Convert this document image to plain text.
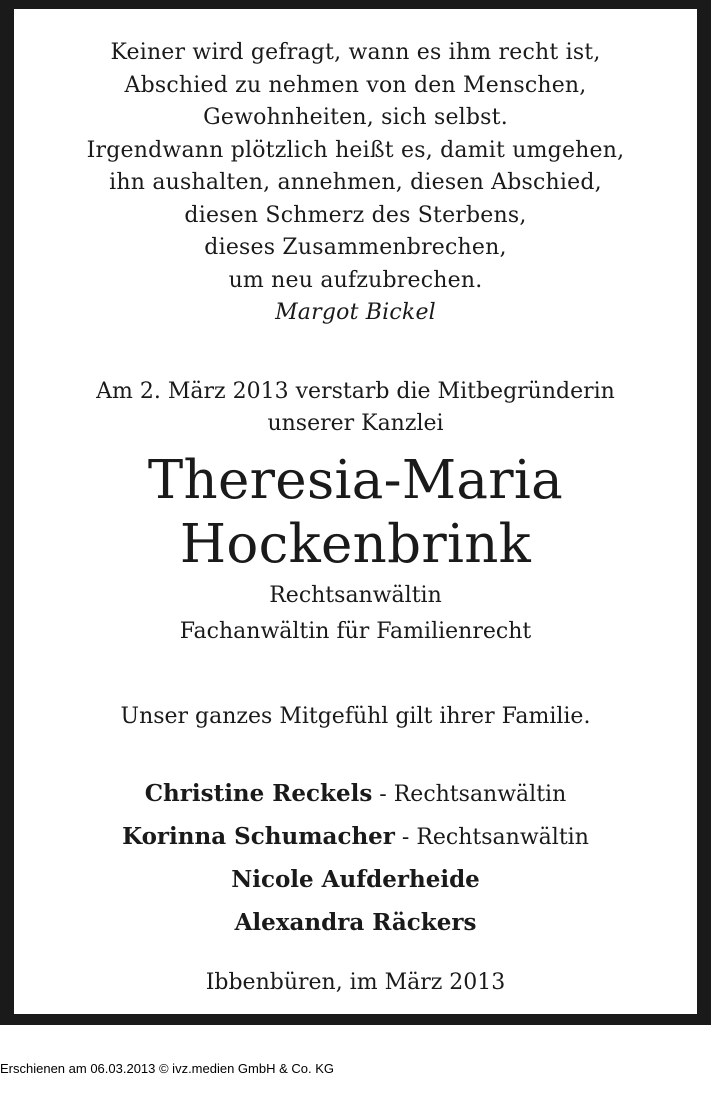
Keiner wird gefragt, wann es ihm recht ist,
Abschied zu nehmen von den Menschen,
Gewohnheiten, sich selbst.
Irgendwann plötzlich heißt es, damit umgehen,
ihn aushalten, annehmen, diesen Abschied,
diesen Schmerz des Sterbens,
dieses Zusammenbrechen,
um neu aufzubrechen.
Margot Bickel
Am 2. März 2013 verstarb die Mitbegründerin
unserer Kanzlei
Theresia-Maria
Hockenbrink
Rechtsanwältin
Fachanwältin für Familienrecht
Unser ganzes Mitgefühl gilt ihrer Familie.
Christine Reckels - Rechtsanwältin
Korinna Schumacher - Rechtsanwältin
Nicole Aufderheide
Alexandra Räckers
Ibbenbüren, im März 2013
Erschienen am 06.03.2013 © ivz.medien GmbH & Co. KG
